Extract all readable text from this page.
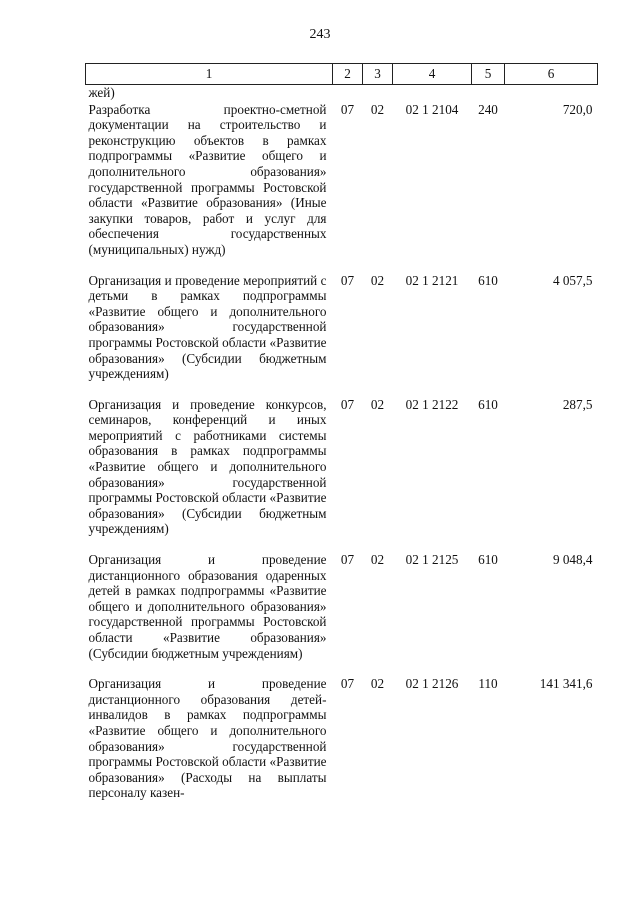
243
1	2	3	4	5	6
жей)					
Разработка проектно-сметной документации на строительство и реконструкцию объектов в рамках подпрограммы «Развитие общего и дополнительного образования» государственной программы Ростовской области «Развитие образования» (Иные закупки товаров, работ и услуг для обеспечения государственных (муниципальных) нужд)	07	02	02 1 2104	240	720,0
Организация и проведение мероприятий с детьми в рамках подпрограммы «Развитие общего и дополнительного образования» государственной программы Ростовской области «Развитие образования» (Субсидии бюджетным учреждениям)	07	02	02 1 2121	610	4 057,5
Организация и проведение конкурсов, семинаров, конференций и иных мероприятий с работниками системы образования в рамках подпрограммы «Развитие общего и дополнительного образования» государственной программы Ростовской области «Развитие образования» (Субсидии бюджетным учреждениям)	07	02	02 1 2122	610	287,5
Организация и проведение дистанционного образования одаренных детей в рамках подпрограммы «Развитие общего и дополнительного образования» государственной программы Ростовской области «Развитие образования» (Субсидии бюджетным учреждениям)	07	02	02 1 2125	610	9 048,4
Организация и проведение дистанционного образования детей-инвалидов в рамках подпрограммы «Развитие общего и дополнительного образования» государственной программы Ростовской области «Развитие образования» (Расходы на выплаты персоналу казен-	07	02	02 1 2126	110	141 341,6
